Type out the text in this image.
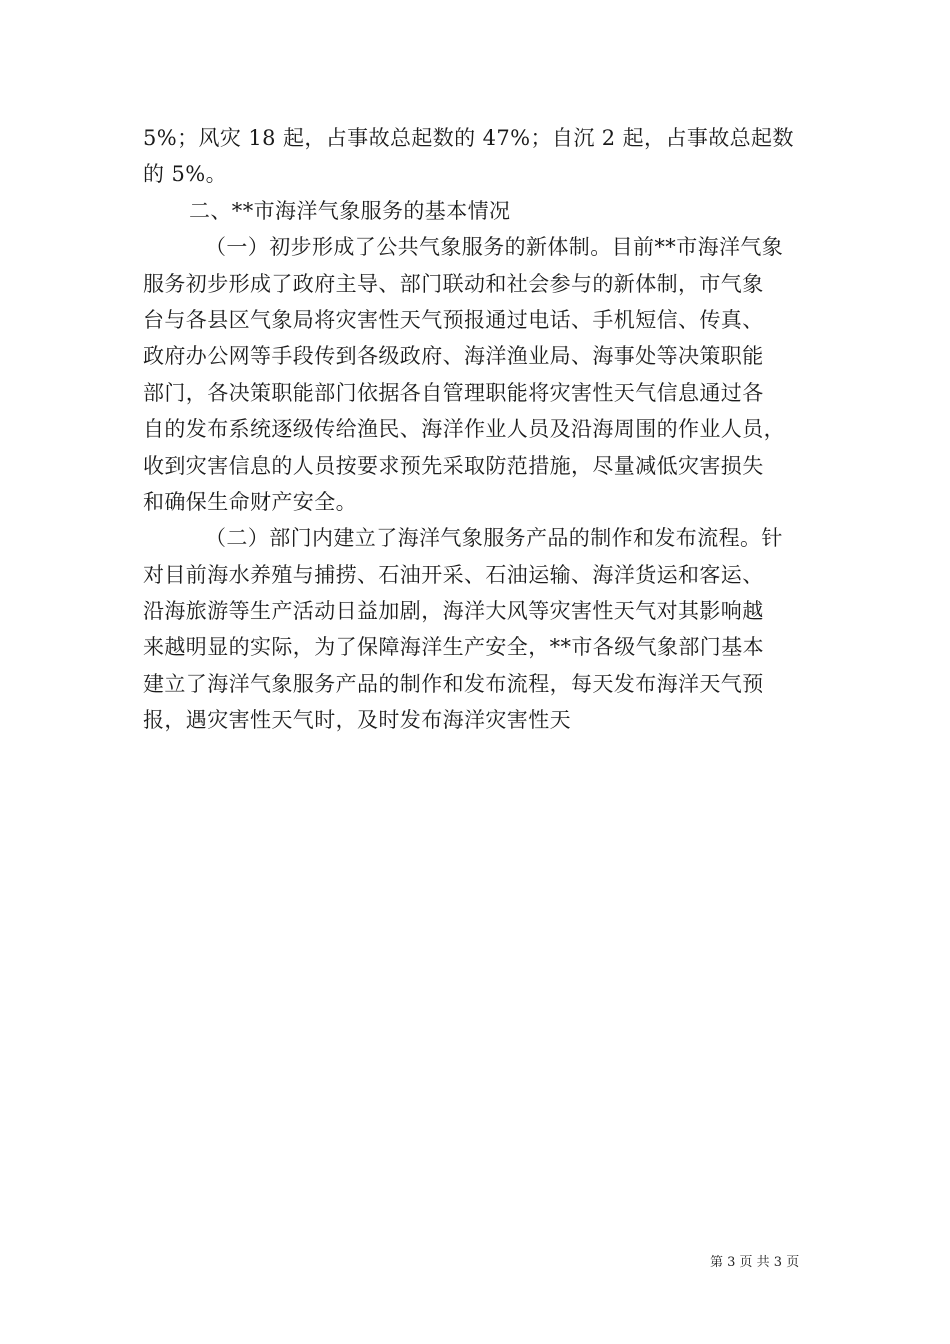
5%；风灾 18 起，占事故总起数的 47%；自沉 2 起，占事故总起数
的 5%。
二、**市海洋气象服务的基本情况
（一）初步形成了公共气象服务的新体制。目前**市海洋气象
服务初步形成了政府主导、部门联动和社会参与的新体制，市气象
台与各县区气象局将灾害性天气预报通过电话、手机短信、传真、
政府办公网等手段传到各级政府、海洋渔业局、海事处等决策职能
部门，各决策职能部门依据各自管理职能将灾害性天气信息通过各
自的发布系统逐级传给渔民、海洋作业人员及沿海周围的作业人员，
收到灾害信息的人员按要求预先采取防范措施，尽量减低灾害损失
和确保生命财产安全。
（二）部门内建立了海洋气象服务产品的制作和发布流程。针
对目前海水养殖与捕捞、石油开采、石油运输、海洋货运和客运、
沿海旅游等生产活动日益加剧，海洋大风等灾害性天气对其影响越
来越明显的实际，为了保障海洋生产安全，**市各级气象部门基本
建立了海洋气象服务产品的制作和发布流程，每天发布海洋天气预
报，遇灾害性天气时，及时发布海洋灾害性天
第 3 页 共 3 页
